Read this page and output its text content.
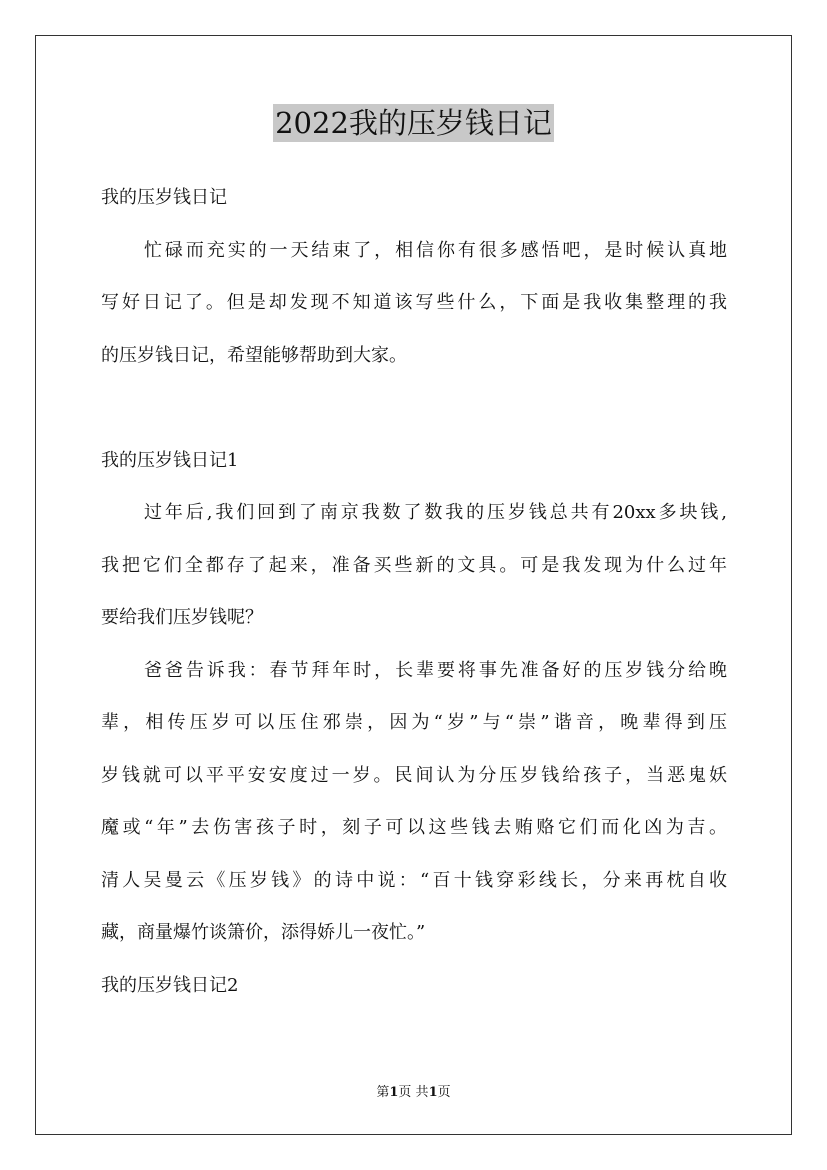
2022我的压岁钱日记
我的压岁钱日记
忙碌而充实的一天结束了，相信你有很多感悟吧，是时候认真地
写好日记了。但是却发现不知道该写些什么，下面是我收集整理的我
的压岁钱日记，希望能够帮助到大家。
我的压岁钱日记1
过年后,我们回到了南京我数了数我的压岁钱总共有20xx多块钱,
我把它们全都存了起来，准备买些新的文具。可是我发现为什么过年
要给我们压岁钱呢？
爸爸告诉我：春节拜年时，长辈要将事先准备好的压岁钱分给晚
辈，相传压岁可以压住邪崇，因为“岁”与“崇”谐音，晚辈得到压
岁钱就可以平平安安度过一岁。民间认为分压岁钱给孩子，当恶鬼妖
魔或“年”去伤害孩子时，刻子可以这些钱去贿赂它们而化凶为吉。
清人吴曼云《压岁钱》的诗中说：“百十钱穿彩线长，分来再枕自收
藏，商量爆竹谈箫价，添得娇儿一夜忙。”
我的压岁钱日记2
第1页 共1页
